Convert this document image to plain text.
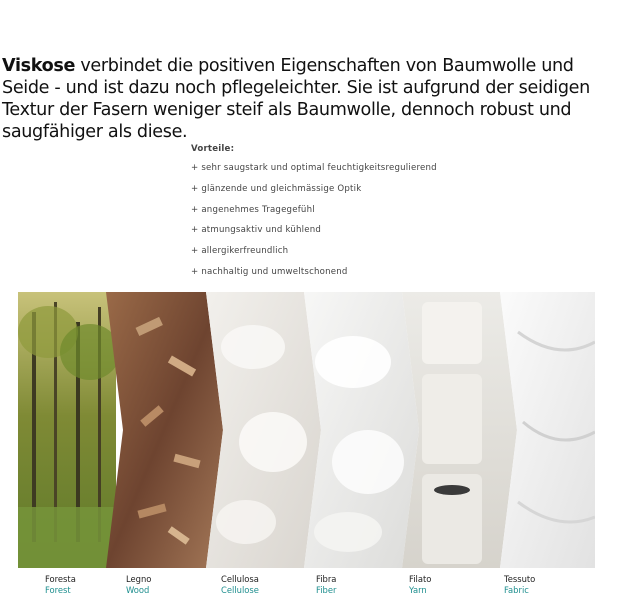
Viskose verbindet die positiven Eigenschaften von Baumwolle und Seide - und ist dazu noch pflegeleichter. Sie ist aufgrund der seidigen Textur der Fasern weniger steif als Baumwolle, dennoch robust und saugfähiger als diese.

Vorteile:
+ sehr saugstark und optimal feuchtigkeitsregulierend
+ glänzende und gleichmässige Optik
+ angenehmes Tragegefühl
+ atmungsaktiv und kühlend
+ allergikerfreundlich
+ nachhaltig und umweltschonend
Foresta
Forest
Legno
Wood
Cellulosa
Cellulose
Fibra
Fiber
Filato
Yarn
Tessuto
Fabric
